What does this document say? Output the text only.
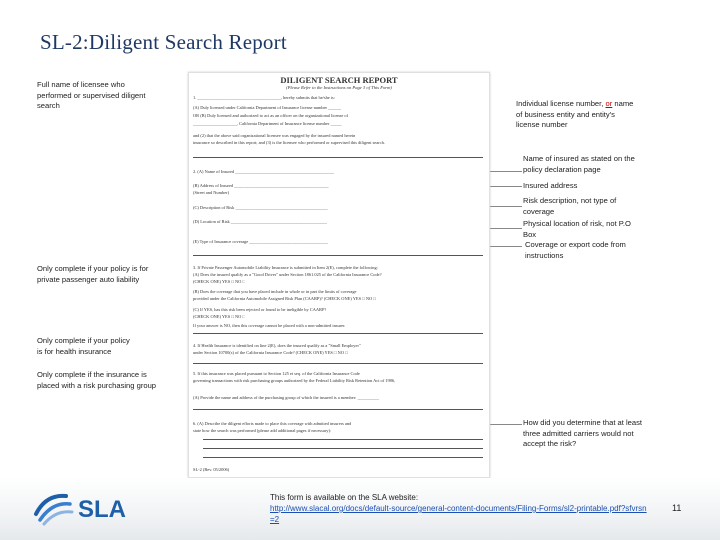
SL-2:Diligent Search Report
Full name of licensee who performed or supervised diligent search
Only complete if your policy is for private passenger auto liability
Only complete if your policy is for health insurance
Only complete if the insurance is placed with a risk purchasing group
DILIGENT SEARCH REPORT
(Please Refer to the Instructions on Page 3 of This Form)
1. ______________________________________, hereby submits that he/she is:
(A) Duly licensed under California Department of Insurance license number ______
OR (B) Duly licensed and authorized to act as an officer on the organizational license of
____________________, California Department of Insurance license number _____
and (2) that the above said organizational licensee was engaged by the insured named herein
insurance so described in this report; and (3) is the licensee who performed or supervised this diligent search.
2. (A) Name of Insured _____________________________________________
(B) Address of Insured ___________________________________________
(Street and Number)
(C) Description of Risk __________________________________________
(D) Location of Risk ____________________________________________
(E) Type of Insurance coverage ____________________________________
3. If Private Passenger Automobile Liability Insurance is submitted in Item 2(E), complete the following:
(A) Does the insured qualify as a "Good Driver" under Section 1861.025 of the California Insurance Code?
(CHECK ONE) YES □ NO □
(B) Does the coverage that you have placed include in whole or in part the limits of coverage
provided under the California Automobile Assigned Risk Plan (CAARP)? (CHECK ONE) YES □ NO □
(C) If YES, has this risk been rejected or found to be ineligible by CAARP?
(CHECK ONE) YES □ NO □
If your answer is NO, then this coverage cannot be placed with a non-admitted insurer.
4. If Health Insurance is identified on line 2(E), does the insured qualify as a "Small Employer"
under Section 10700(s) of the California Insurance Code? (CHECK ONE) YES □ NO □
5. If this insurance was placed pursuant to Section 125 et seq. of the California Insurance Code
governing transactions with risk purchasing groups authorized by the Federal Liability Risk Retention Act of 1986,
(A) Provide the name and address of the purchasing group of which the insured is a member: __________
6. (A) Describe the diligent efforts made to place this coverage with admitted insurers and
state how the search was performed (please add additional pages if necessary):
SL-2 (Rev. 05/2006)
Individual license number, or name of business entity and entity's license number
Name of insured as stated on the policy declaration page
Insured address
Risk description, not type of coverage
Physical location of risk, not P.O Box
Coverage or export code from instructions
How did you determine that at least three admitted carriers would not accept the risk?
SLA	This form is available on the SLA website:
http://www.slacal.org/docs/default-source/general-content-documents/Filing-Forms/sl2-printable.pdf?sfvrsn=2
11
